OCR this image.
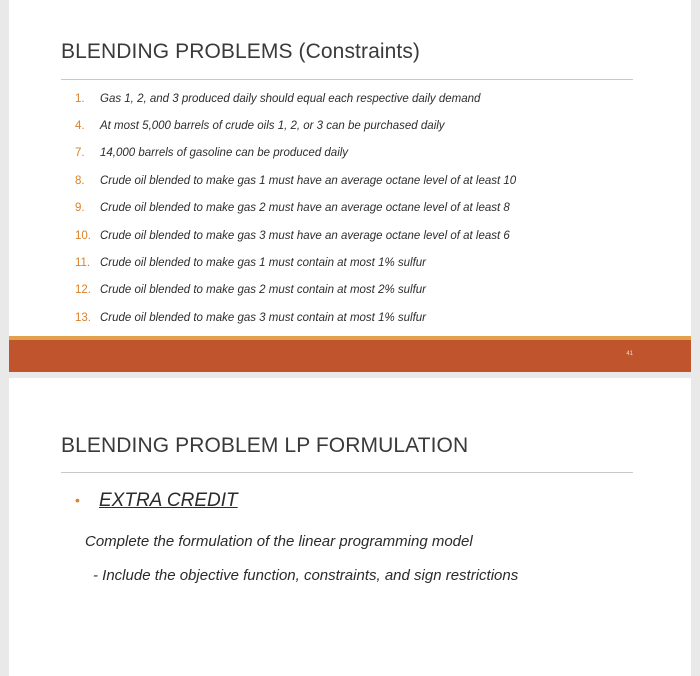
BLENDING PROBLEMS (Constraints)
1.	Gas 1, 2, and 3 produced daily should equal each respective daily demand
4.	At most 5,000 barrels of crude oils 1, 2, or 3 can be purchased daily
7.	14,000 barrels of gasoline can be produced daily
8.	Crude oil blended to make gas 1 must have an average octane level of at least 10
9.	Crude oil blended to make gas 2 must have an average octane level of at least 8
10. Crude oil blended to make gas 3 must have an average octane level of at least 6
11. Crude oil blended to make gas 1 must contain at most 1% sulfur
12. Crude oil blended to make gas 2 must contain at most 2% sulfur
13. Crude oil blended to make gas 3 must contain at most 1% sulfur
41
BLENDING PROBLEM LP FORMULATION
• EXTRA CREDIT
Complete the formulation of the linear programming model
- Include the objective function, constraints, and sign restrictions
